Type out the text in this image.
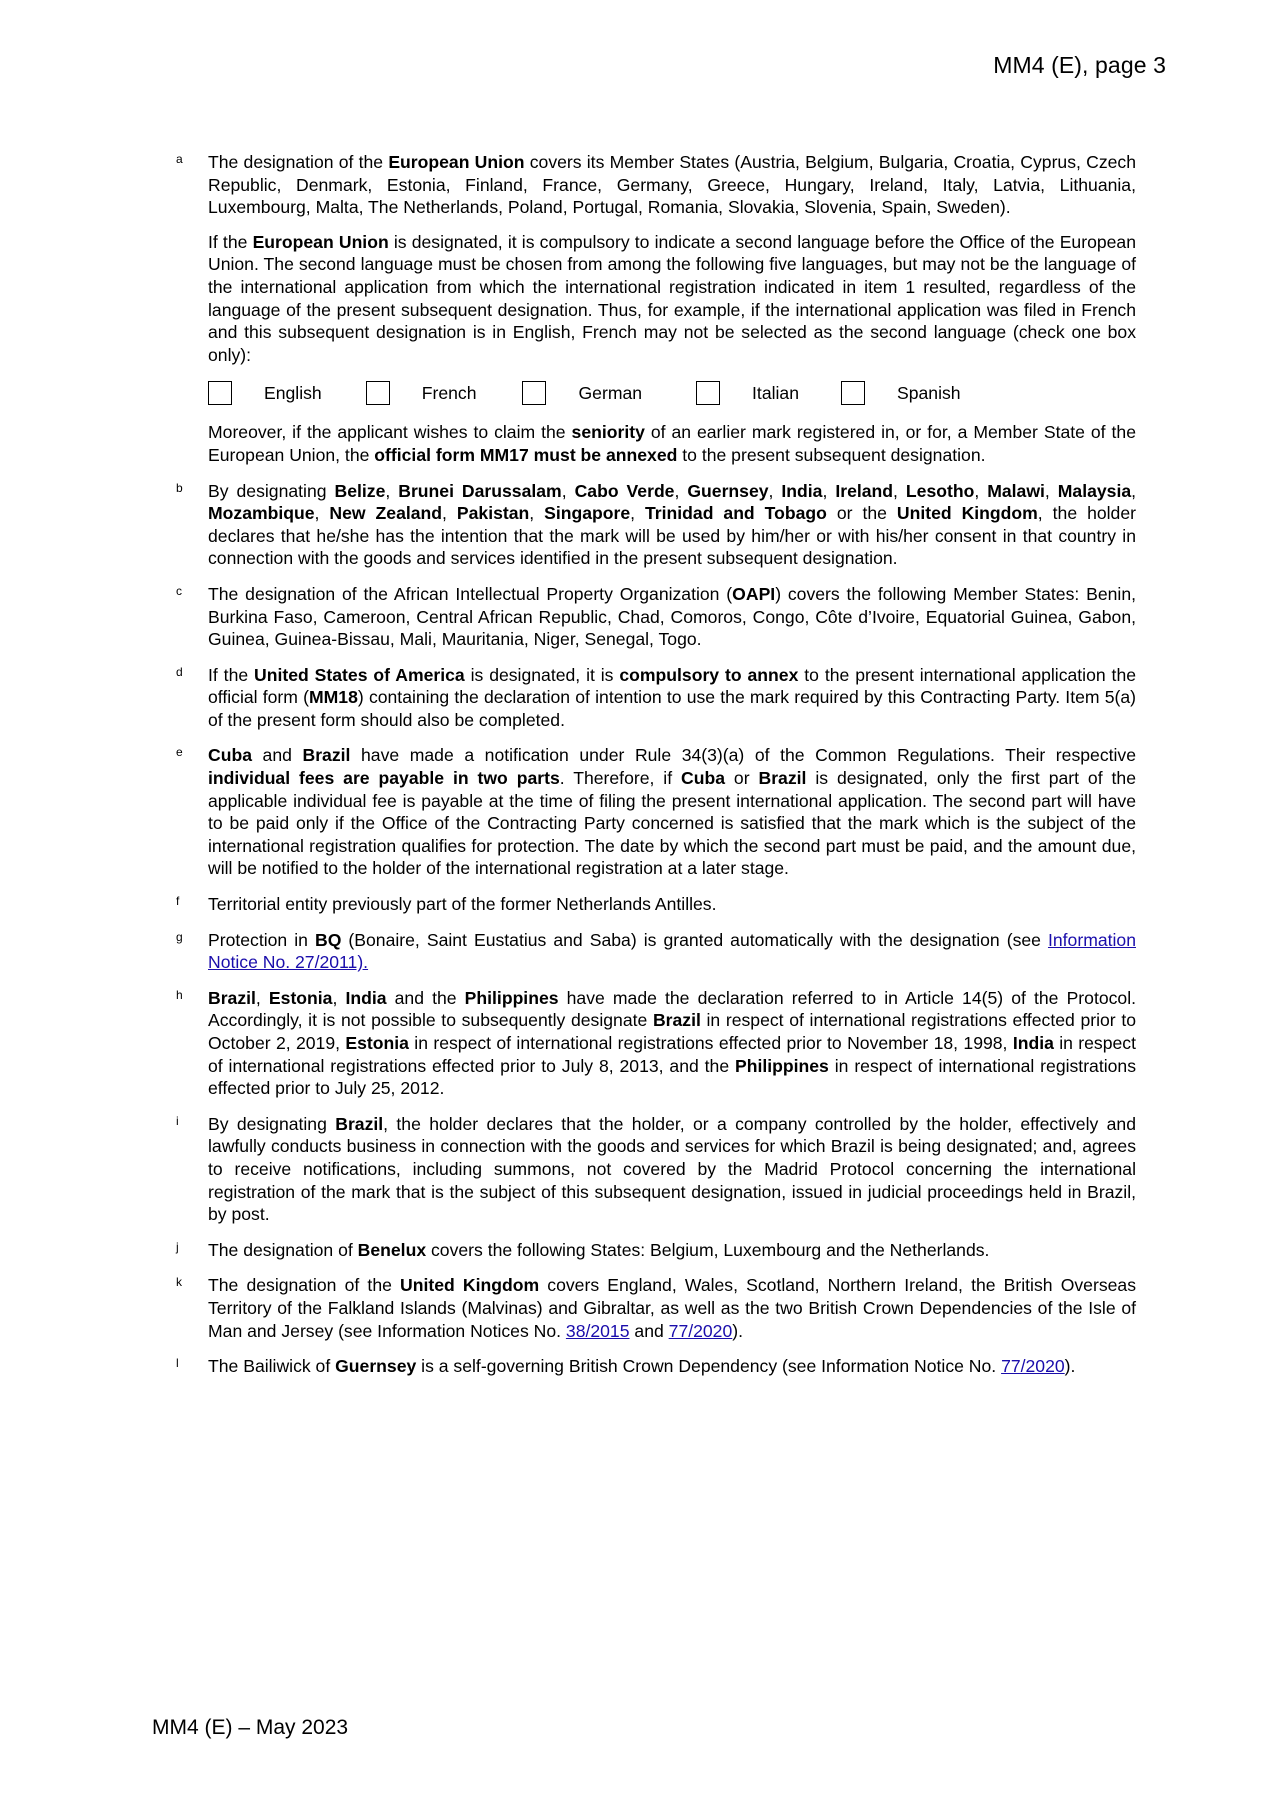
MM4 (E), page 3
a The designation of the European Union covers its Member States (Austria, Belgium, Bulgaria, Croatia, Cyprus, Czech Republic, Denmark, Estonia, Finland, France, Germany, Greece, Hungary, Ireland, Italy, Latvia, Lithuania, Luxembourg, Malta, The Netherlands, Poland, Portugal, Romania, Slovakia, Slovenia, Spain, Sweden).

If the European Union is designated, it is compulsory to indicate a second language before the Office of the European Union. The second language must be chosen from among the following five languages, but may not be the language of the international application from which the international registration indicated in item 1 resulted, regardless of the language of the present subsequent designation. Thus, for example, if the international application was filed in French and this subsequent designation is in English, French may not be selected as the second language (check one box only):

English	French	German	Italian	Spanish

Moreover, if the applicant wishes to claim the seniority of an earlier mark registered in, or for, a Member State of the European Union, the official form MM17 must be annexed to the present subsequent designation.

b By designating Belize, Brunei Darussalam, Cabo Verde, Guernsey, India, Ireland, Lesotho, Malawi, Malaysia, Mozambique, New Zealand, Pakistan, Singapore, Trinidad and Tobago or the United Kingdom, the holder declares that he/she has the intention that the mark will be used by him/her or with his/her consent in that country in connection with the goods and services identified in the present subsequent designation.

c The designation of the African Intellectual Property Organization (OAPI) covers the following Member States: Benin, Burkina Faso, Cameroon, Central African Republic, Chad, Comoros, Congo, Côte d’Ivoire, Equatorial Guinea, Gabon, Guinea, Guinea-Bissau, Mali, Mauritania, Niger, Senegal, Togo.

d If the United States of America is designated, it is compulsory to annex to the present international application the official form (MM18) containing the declaration of intention to use the mark required by this Contracting Party. Item 5(a) of the present form should also be completed.

e Cuba and Brazil have made a notification under Rule 34(3)(a) of the Common Regulations. Their respective individual fees are payable in two parts. Therefore, if Cuba or Brazil is designated, only the first part of the applicable individual fee is payable at the time of filing the present international application. The second part will have to be paid only if the Office of the Contracting Party concerned is satisfied that the mark which is the subject of the international registration qualifies for protection. The date by which the second part must be paid, and the amount due, will be notified to the holder of the international registration at a later stage.

f Territorial entity previously part of the former Netherlands Antilles.

g Protection in BQ (Bonaire, Saint Eustatius and Saba) is granted automatically with the designation (see Information Notice No. 27/2011).

h Brazil, Estonia, India and the Philippines have made the declaration referred to in Article 14(5) of the Protocol. Accordingly, it is not possible to subsequently designate Brazil in respect of international registrations effected prior to October 2, 2019, Estonia in respect of international registrations effected prior to November 18, 1998, India in respect of international registrations effected prior to July 8, 2013, and the Philippines in respect of international registrations effected prior to July 25, 2012.

i By designating Brazil, the holder declares that the holder, or a company controlled by the holder, effectively and lawfully conducts business in connection with the goods and services for which Brazil is being designated; and, agrees to receive notifications, including summons, not covered by the Madrid Protocol concerning the international registration of the mark that is the subject of this subsequent designation, issued in judicial proceedings held in Brazil, by post.

j The designation of Benelux covers the following States: Belgium, Luxembourg and the Netherlands.

k The designation of the United Kingdom covers England, Wales, Scotland, Northern Ireland, the British Overseas Territory of the Falkland Islands (Malvinas) and Gibraltar, as well as the two British Crown Dependencies of the Isle of Man and Jersey (see Information Notices No. 38/2015 and 77/2020).

l The Bailiwick of Guernsey is a self-governing British Crown Dependency (see Information Notice No. 77/2020).

MM4 (E) – May 2023
